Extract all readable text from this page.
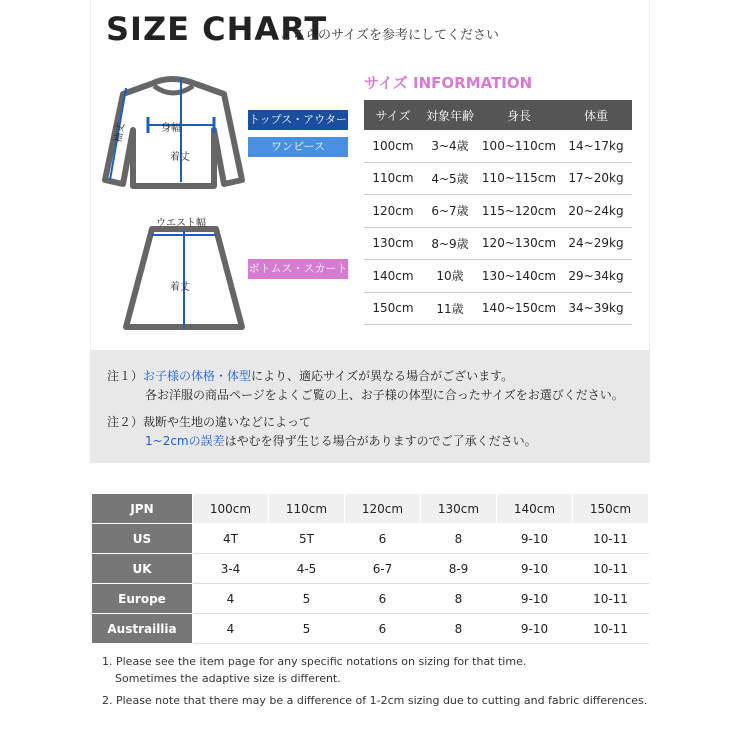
SIZE CHART
こちらのサイズを参考にしてください
身幅
着丈
袖丈
ウエスト幅
着丈
トップス・アウター
ワンピース
ボトムス・スカート
サイズ INFORMATION
サイズ	対象年齢	身長	体重
100cm	3~4歳	100~110cm	14~17kg
110cm	4~5歳	110~115cm	17~20kg
120cm	6~7歳	115~120cm	20~24kg
130cm	8~9歳	120~130cm	24~29kg
140cm	10歳	130~140cm	29~34kg
150cm	11歳	140~150cm	34~39kg
注１）お子様の体格・体型により、適応サイズが異なる場合がございます。
各お洋服の商品ページをよくご覧の上、お子様の体型に合ったサイズをお選びください。
注２）裁断や生地の違いなどによって
1~2cmの誤差はやむを得ず生じる場合がありますのでご了承ください。
JPN	100cm	110cm	120cm	130cm	140cm	150cm
US	4T	5T	6	8	9-10	10-11
UK	3-4	4-5	6-7	8-9	9-10	10-11
Europe	4	5	6	8	9-10	10-11
Austraillia	4	5	6	8	9-10	10-11
1. Please see the item page for any specific notations on sizing for that time.
Sometimes the adaptive size is different.
2. Please note that there may be a difference of 1-2cm sizing due to cutting and fabric differences.
